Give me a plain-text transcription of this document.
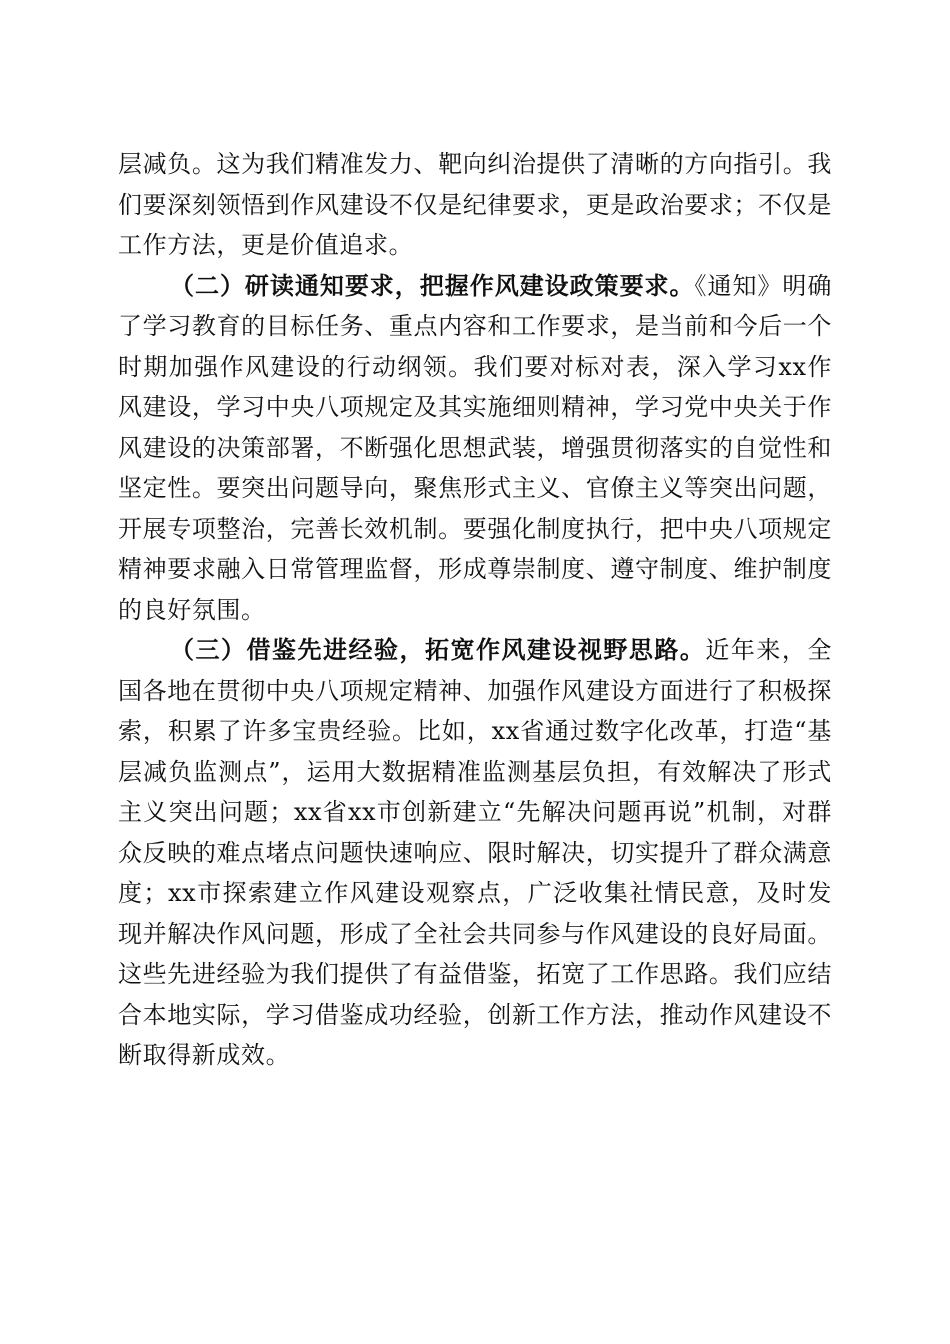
层减负。这为我们精准发力、靶向纠治提供了清晰的方向指引。我们要深刻领悟到作风建设不仅是纪律要求，更是政治要求；不仅是工作方法，更是价值追求。

（二）研读通知要求，把握作风建设政策要求。《通知》明确了学习教育的目标任务、重点内容和工作要求，是当前和今后一个时期加强作风建设的行动纲领。我们要对标对表，深入学习xx作风建设，学习中央八项规定及其实施细则精神，学习党中央关于作风建设的决策部署，不断强化思想武装，增强贯彻落实的自觉性和坚定性。要突出问题导向，聚焦形式主义、官僚主义等突出问题，开展专项整治，完善长效机制。要强化制度执行，把中央八项规定精神要求融入日常管理监督，形成尊崇制度、遵守制度、维护制度的良好氛围。

（三）借鉴先进经验，拓宽作风建设视野思路。近年来，全国各地在贯彻中央八项规定精神、加强作风建设方面进行了积极探索，积累了许多宝贵经验。比如，xx省通过数字化改革，打造“基层减负监测点”，运用大数据精准监测基层负担，有效解决了形式主义突出问题；xx省xx市创新建立“先解决问题再说”机制，对群众反映的难点堵点问题快速响应、限时解决，切实提升了群众满意度；xx市探索建立作风建设观察点，广泛收集社情民意，及时发现并解决作风问题，形成了全社会共同参与作风建设的良好局面。这些先进经验为我们提供了有益借鉴，拓宽了工作思路。我们应结合本地实际，学习借鉴成功经验，创新工作方法，推动作风建设不断取得新成效。
